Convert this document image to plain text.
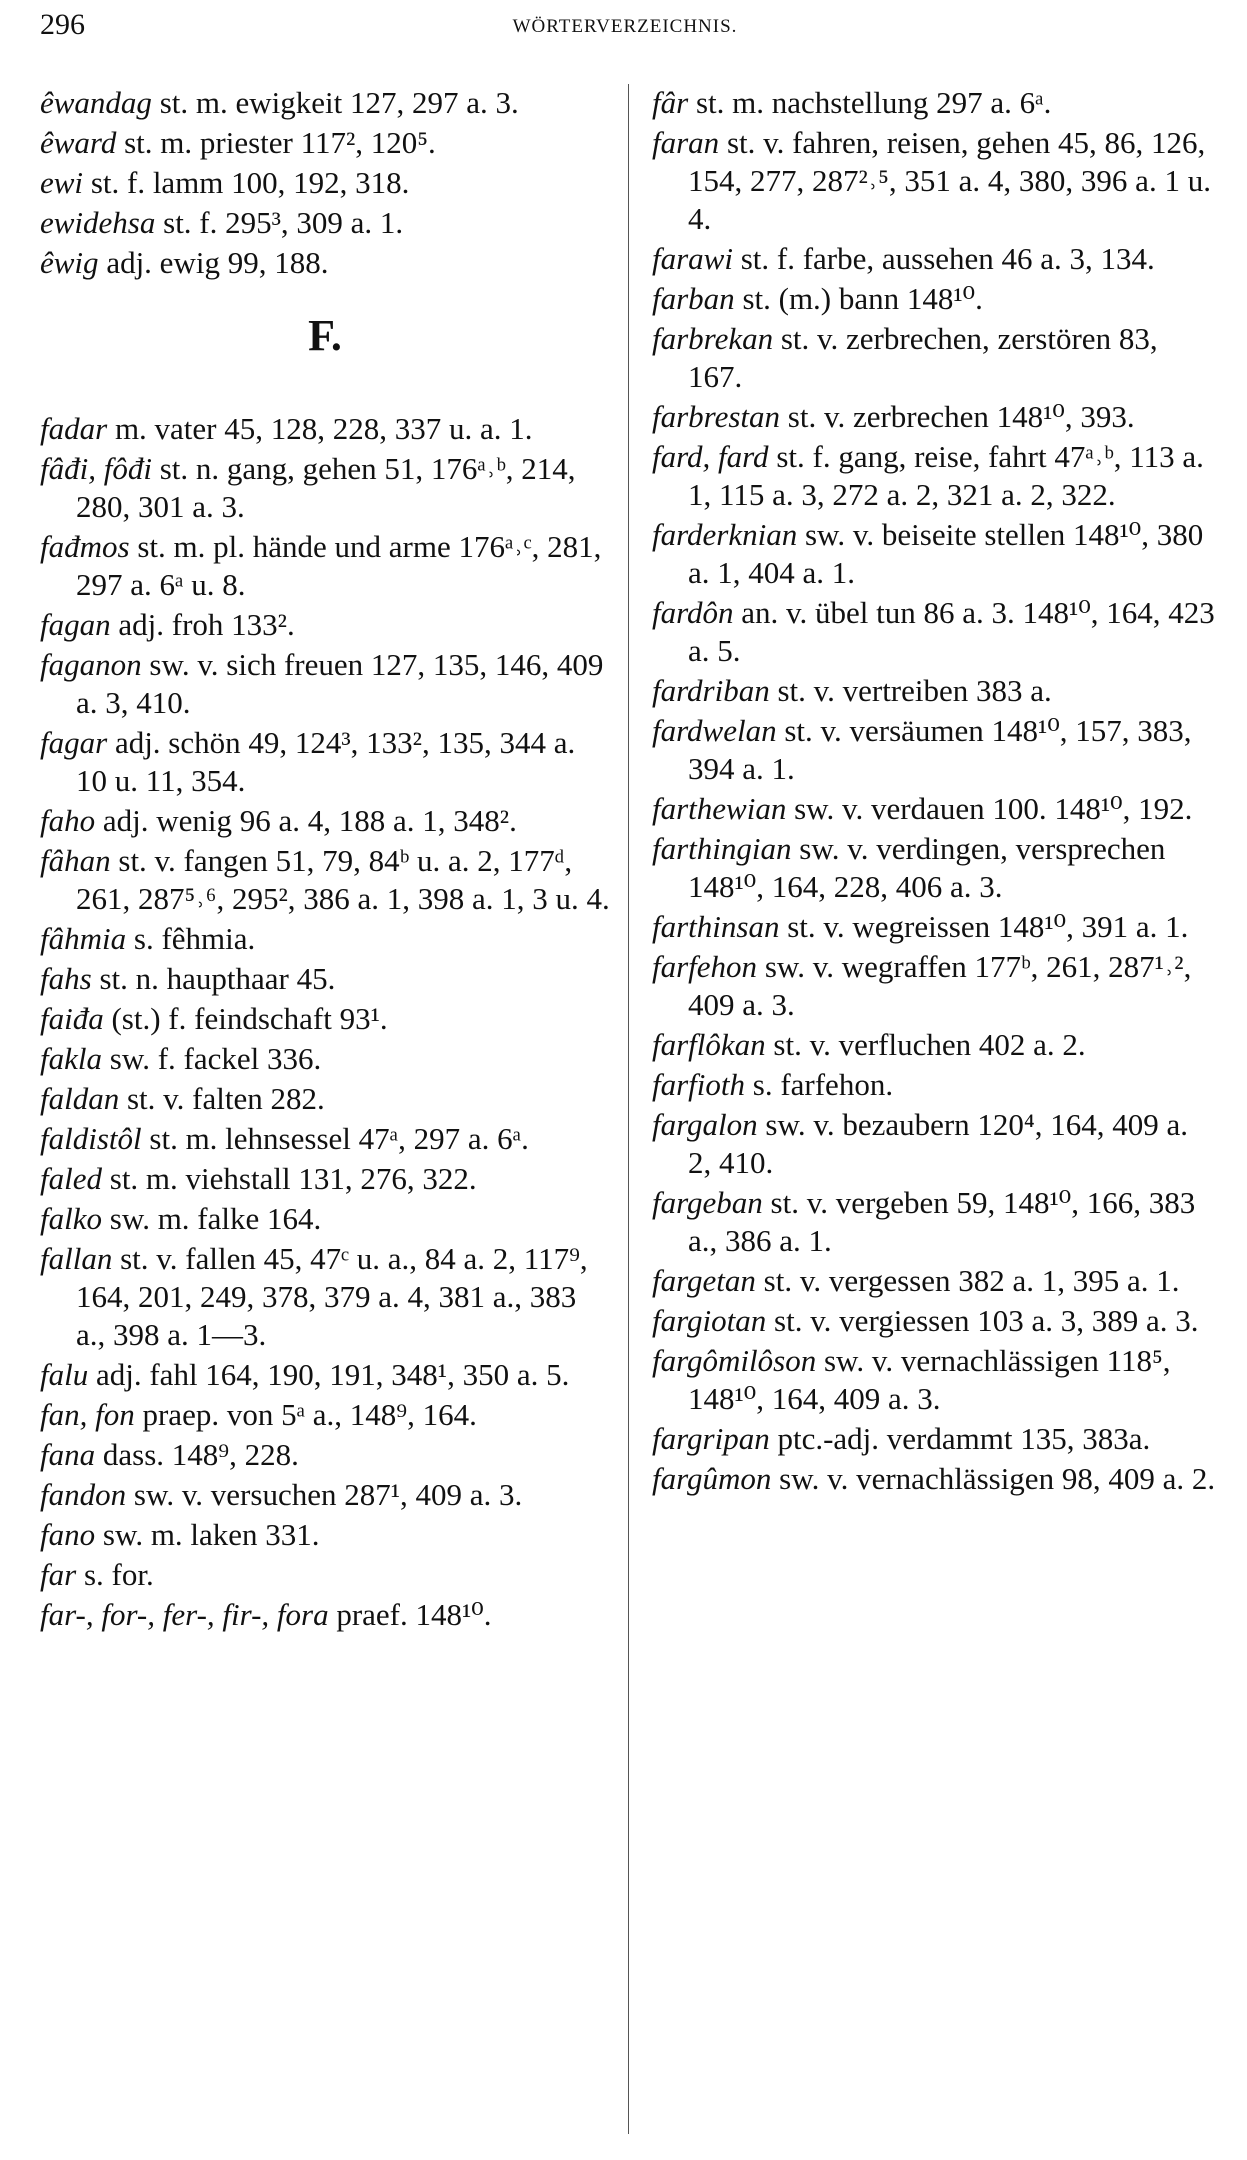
296	WÖRTERVERZEICHNIS.
êwandag st. m. ewigkeit 127, 297 a. 3.
êward st. m. priester 117², 120⁵.
ewi st. f. lamm 100, 192, 318.
ewidehsa st. f. 295³, 309 a. 1.
êwig adj. ewig 99, 188.
F.
fadar m. vater 45, 128, 228, 337 u. a. 1.
fâđi, fôđi st. n. gang, gehen 51, 176ᵃ˒ᵇ, 214, 280, 301 a. 3.
fađmos st. m. pl. hände und arme 176ᵃ˒ᶜ, 281, 297 a. 6ᵃ u. 8.
fagan adj. froh 133².
faganon sw. v. sich freuen 127, 135, 146, 409 a. 3, 410.
fagar adj. schön 49, 124³, 133², 135, 344 a. 10 u. 11, 354.
faho adj. wenig 96 a. 4, 188 a. 1, 348².
fâhan st. v. fangen 51, 79, 84ᵇ u. a. 2, 177ᵈ, 261, 287⁵˒⁶, 295², 386 a. 1, 398 a. 1, 3 u. 4.
fâhmia s. fêhmia.
fahs st. n. haupthaar 45.
faiđa (st.) f. feindschaft 93¹.
fakla sw. f. fackel 336.
faldan st. v. falten 282.
faldistôl st. m. lehnsessel 47ᵃ, 297 a. 6ᵃ.
faled st. m. viehstall 131, 276, 322.
falko sw. m. falke 164.
fallan st. v. fallen 45, 47ᶜ u. a., 84 a. 2, 117⁹, 164, 201, 249, 378, 379 a. 4, 381 a., 383 a., 398 a. 1—3.
falu adj. fahl 164, 190, 191, 348¹, 350 a. 5.
fan, fon praep. von 5ᵃ a., 148⁹, 164.
fana dass. 148⁹, 228.
fandon sw. v. versuchen 287¹, 409 a. 3.
fano sw. m. laken 331.
far s. for.
far-, for-, fer-, fir-, fora praef. 148¹⁰.
fâr st. m. nachstellung 297 a. 6ᵃ.
faran st. v. fahren, reisen, gehen 45, 86, 126, 154, 277, 287²˒⁵, 351 a. 4, 380, 396 a. 1 u. 4.
farawi st. f. farbe, aussehen 46 a. 3, 134.
farban st. (m.) bann 148¹⁰.
farbrekan st. v. zerbrechen, zerstören 83, 167.
farbrestan st. v. zerbrechen 148¹⁰, 393.
fard, fard st. f. gang, reise, fahrt 47ᵃ˒ᵇ, 113 a. 1, 115 a. 3, 272 a. 2, 321 a. 2, 322.
farderknian sw. v. beiseite stellen 148¹⁰, 380 a. 1, 404 a. 1.
fardôn an. v. übel tun 86 a. 3. 148¹⁰, 164, 423 a. 5.
fardriban st. v. vertreiben 383 a.
fardwelan st. v. versäumen 148¹⁰, 157, 383, 394 a. 1.
farthewian sw. v. verdauen 100. 148¹⁰, 192.
farthingian sw. v. verdingen, versprechen 148¹⁰, 164, 228, 406 a. 3.
farthinsan st. v. wegreissen 148¹⁰, 391 a. 1.
farfehon sw. v. wegraffen 177ᵇ, 261, 287¹˒², 409 a. 3.
farflôkan st. v. verfluchen 402 a. 2.
farfioth s. farfehon.
fargalon sw. v. bezaubern 120⁴, 164, 409 a. 2, 410.
fargeban st. v. vergeben 59, 148¹⁰, 166, 383 a., 386 a. 1.
fargetan st. v. vergessen 382 a. 1, 395 a. 1.
fargiotan st. v. vergiessen 103 a. 3, 389 a. 3.
fargômilôson sw. v. vernachlässigen 118⁵, 148¹⁰, 164, 409 a. 3.
fargripan ptc.-adj. verdammt 135, 383a.
fargûmon sw. v. vernachlässigen 98, 409 a. 2.
